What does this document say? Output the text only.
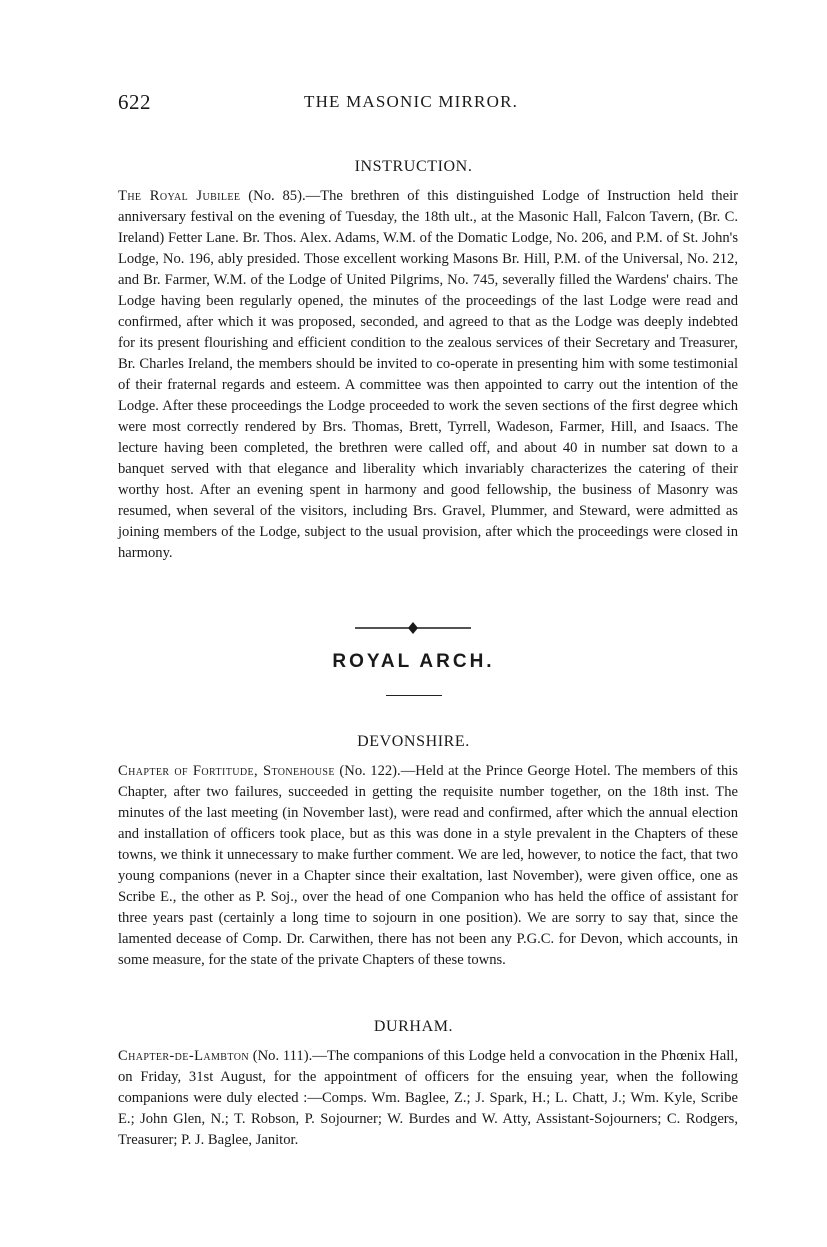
622	THE MASONIC MIRROR.
INSTRUCTION.

The Royal Jubilee (No. 85).—The brethren of this distinguished Lodge of Instruction held their anniversary festival on the evening of Tuesday, the 18th ult., at the Masonic Hall, Falcon Tavern, (Br. C. Ireland) Fetter Lane. Br. Thos. Alex. Adams, W.M. of the Domatic Lodge, No. 206, and P.M. of St. John's Lodge, No. 196, ably presided. Those excellent working Masons Br. Hill, P.M. of the Universal, No. 212, and Br. Farmer, W.M. of the Lodge of United Pilgrims, No. 745, severally filled the Wardens' chairs. The Lodge having been regularly opened, the minutes of the proceedings of the last Lodge were read and confirmed, after which it was proposed, seconded, and agreed to that as the Lodge was deeply indebted for its present flourishing and efficient condition to the zealous services of their Secretary and Treasurer, Br. Charles Ireland, the members should be invited to co-operate in presenting him with some testimonial of their fraternal regards and esteem. A committee was then appointed to carry out the intention of the Lodge. After these proceedings the Lodge proceeded to work the seven sections of the first degree which were most correctly rendered by Brs. Thomas, Brett, Tyrrell, Wadeson, Farmer, Hill, and Isaacs. The lecture having been completed, the brethren were called off, and about 40 in number sat down to a banquet served with that elegance and liberality which invariably characterizes the catering of their worthy host. After an evening spent in harmony and good fellowship, the business of Masonry was resumed, when several of the visitors, including Brs. Gravel, Plummer, and Steward, were admitted as joining members of the Lodge, subject to the usual provision, after which the proceedings were closed in harmony.

ROYAL ARCH.
DEVONSHIRE.

Chapter of Fortitude, Stonehouse (No. 122).—Held at the Prince George Hotel. The members of this Chapter, after two failures, succeeded in getting the requisite number together, on the 18th inst. The minutes of the last meeting (in November last), were read and confirmed, after which the annual election and installation of officers took place, but as this was done in a style prevalent in the Chapters of these towns, we think it unnecessary to make further comment. We are led, however, to notice the fact, that two young companions (never in a Chapter since their exaltation, last November), were given office, one as Scribe E., the other as P. Soj., over the head of one Companion who has held the office of assistant for three years past (certainly a long time to sojourn in one position). We are sorry to say that, since the lamented decease of Comp. Dr. Carwithen, there has not been any P.G.C. for Devon, which accounts, in some measure, for the state of the private Chapters of these towns.

DURHAM.

Chapter-de-Lambton (No. 111).—The companions of this Lodge held a convocation in the Phœnix Hall, on Friday, 31st August, for the appointment of officers for the ensuing year, when the following companions were duly elected :—Comps. Wm. Baglee, Z.; J. Spark, H.; L. Chatt, J.; Wm. Kyle, Scribe E.; John Glen, N.; T. Robson, P. Sojourner; W. Burdes and W. Atty, Assistant-Sojourners; C. Rodgers, Treasurer; P. J. Baglee, Janitor.
